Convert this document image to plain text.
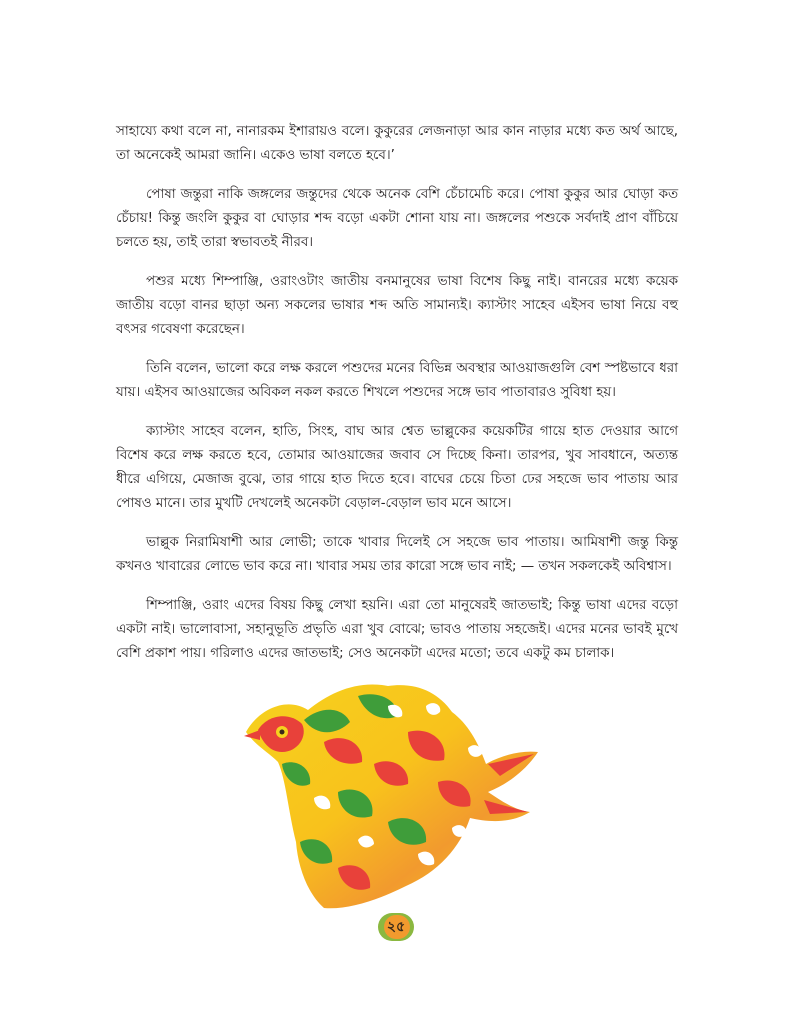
সাহায্যে কথা বলে না, নানারকম ইশারায়ও বলে। কুকুরের লেজনাড়া আর কান নাড়ার মধ্যে কত অর্থ আছে, তা অনেকেই আমরা জানি। একেও ভাষা বলতে হবে।’

পোষা জন্তুরা নাকি জঙ্গলের জন্তুদের থেকে অনেক বেশি চেঁচামেচি করে। পোষা কুকুর আর ঘোড়া কত চেঁচায়! কিন্তু জংলি কুকুর বা ঘোড়ার শব্দ বড়ো একটা শোনা যায় না। জঙ্গলের পশুকে সর্বদাই প্রাণ বাঁচিয়ে চলতে হয়, তাই তারা স্বভাবতই নীরব।

পশুর মধ্যে শিম্পাঞ্জি, ওরাংওটাং জাতীয় বনমানুষের ভাষা বিশেষ কিছু নাই। বানরের মধ্যে কয়েক জাতীয় বড়ো বানর ছাড়া অন্য সকলের ভাষার শব্দ অতি সামান্যই। ক্যাস্টাং সাহেব এইসব ভাষা নিয়ে বহু বৎসর গবেষণা করেছেন।

তিনি বলেন, ভালো করে লক্ষ করলে পশুদের মনের বিভিন্ন অবস্থার আওয়াজগুলি বেশ স্পষ্টভাবে ধরা যায়। এইসব আওয়াজের অবিকল নকল করতে শিখলে পশুদের সঙ্গে ভাব পাতাবারও সুবিধা হয়।

ক্যাস্টাং সাহেব বলেন, হাতি, সিংহ, বাঘ আর শ্বেত ভাল্লুকের কয়েকটির গায়ে হাত দেওয়ার আগে বিশেষ করে লক্ষ করতে হবে, তোমার আওয়াজের জবাব সে দিচ্ছে কিনা। তারপর, খুব সাবধানে, অত্যন্ত ধীরে এগিয়ে, মেজাজ বুঝে, তার গায়ে হাত দিতে হবে। বাঘের চেয়ে চিতা ঢের সহজে ভাব পাতায় আর পোষও মানে। তার মুখটি দেখলেই অনেকটা বেড়াল-বেড়াল ভাব মনে আসে।

ভাল্লুক নিরামিষাশী আর লোভী; তাকে খাবার দিলেই সে সহজে ভাব পাতায়। আমিষাশী জন্তু কিন্তু কখনও খাবারের লোভে ভাব করে না। খাবার সময় তার কারো সঙ্গে ভাব নাই; — তখন সকলকেই অবিশ্বাস।

শিম্পাঞ্জি, ওরাং এদের বিষয় কিছু লেখা হয়নি। এরা তো মানুষেরই জাতভাই; কিন্তু ভাষা এদের বড়ো একটা নাই। ভালোবাসা, সহানুভূতি প্রভৃতি এরা খুব বোঝে; ভাবও পাতায় সহজেই। এদের মনের ভাবই মুখে বেশি প্রকাশ পায়। গরিলাও এদের জাতভাই; সেও অনেকটা এদের মতো; তবে একটু কম চালাক।

২৫
